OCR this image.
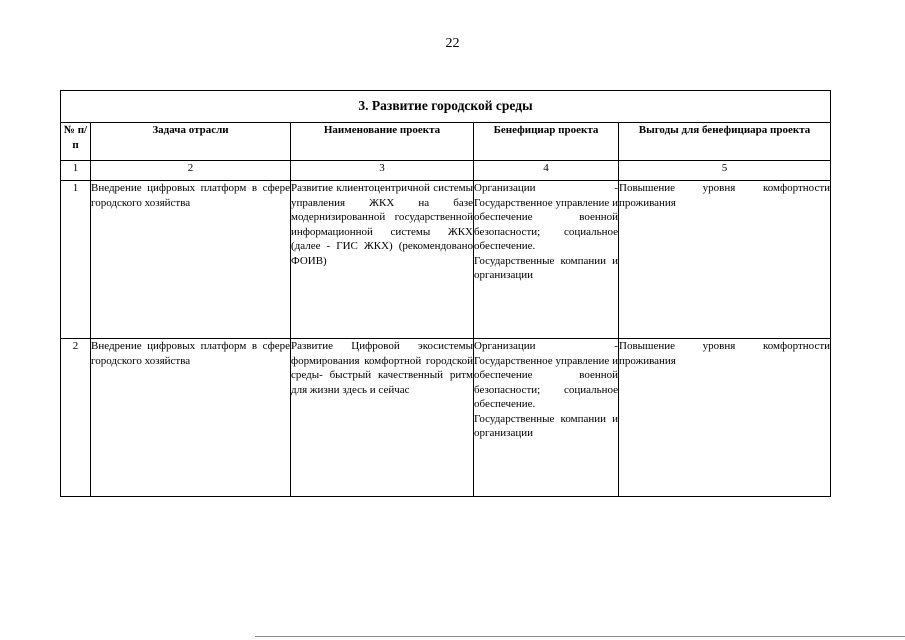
22
3. Развитие городской среды				
№ п/п	Задача отрасли	Наименование проекта	Бенефициар проекта	Выгоды для бенефициара проекта
1	2	3	4	5
1	Внедрение цифровых платформ в сфере городского хозяйства	Развитие клиентоцентричной системы управления ЖКХ на базе модернизированной государственной информационной системы ЖКХ (далее - ГИС ЖКХ) (рекомендовано ФОИВ)	Организации - Государственное управление и обеспечение военной безопасности; социальное обеспечение. Государственные компании и организации	Повышение уровня комфортности проживания
2	Внедрение цифровых платформ в сфере городского хозяйства	Развитие Цифровой экосистемы формирования комфортной городской среды- быстрый качественный ритм для жизни здесь и сейчас	Организации - Государственное управление и обеспечение военной безопасности; социальное обеспечение. Государственные компании и организации	Повышение уровня комфортности проживания
